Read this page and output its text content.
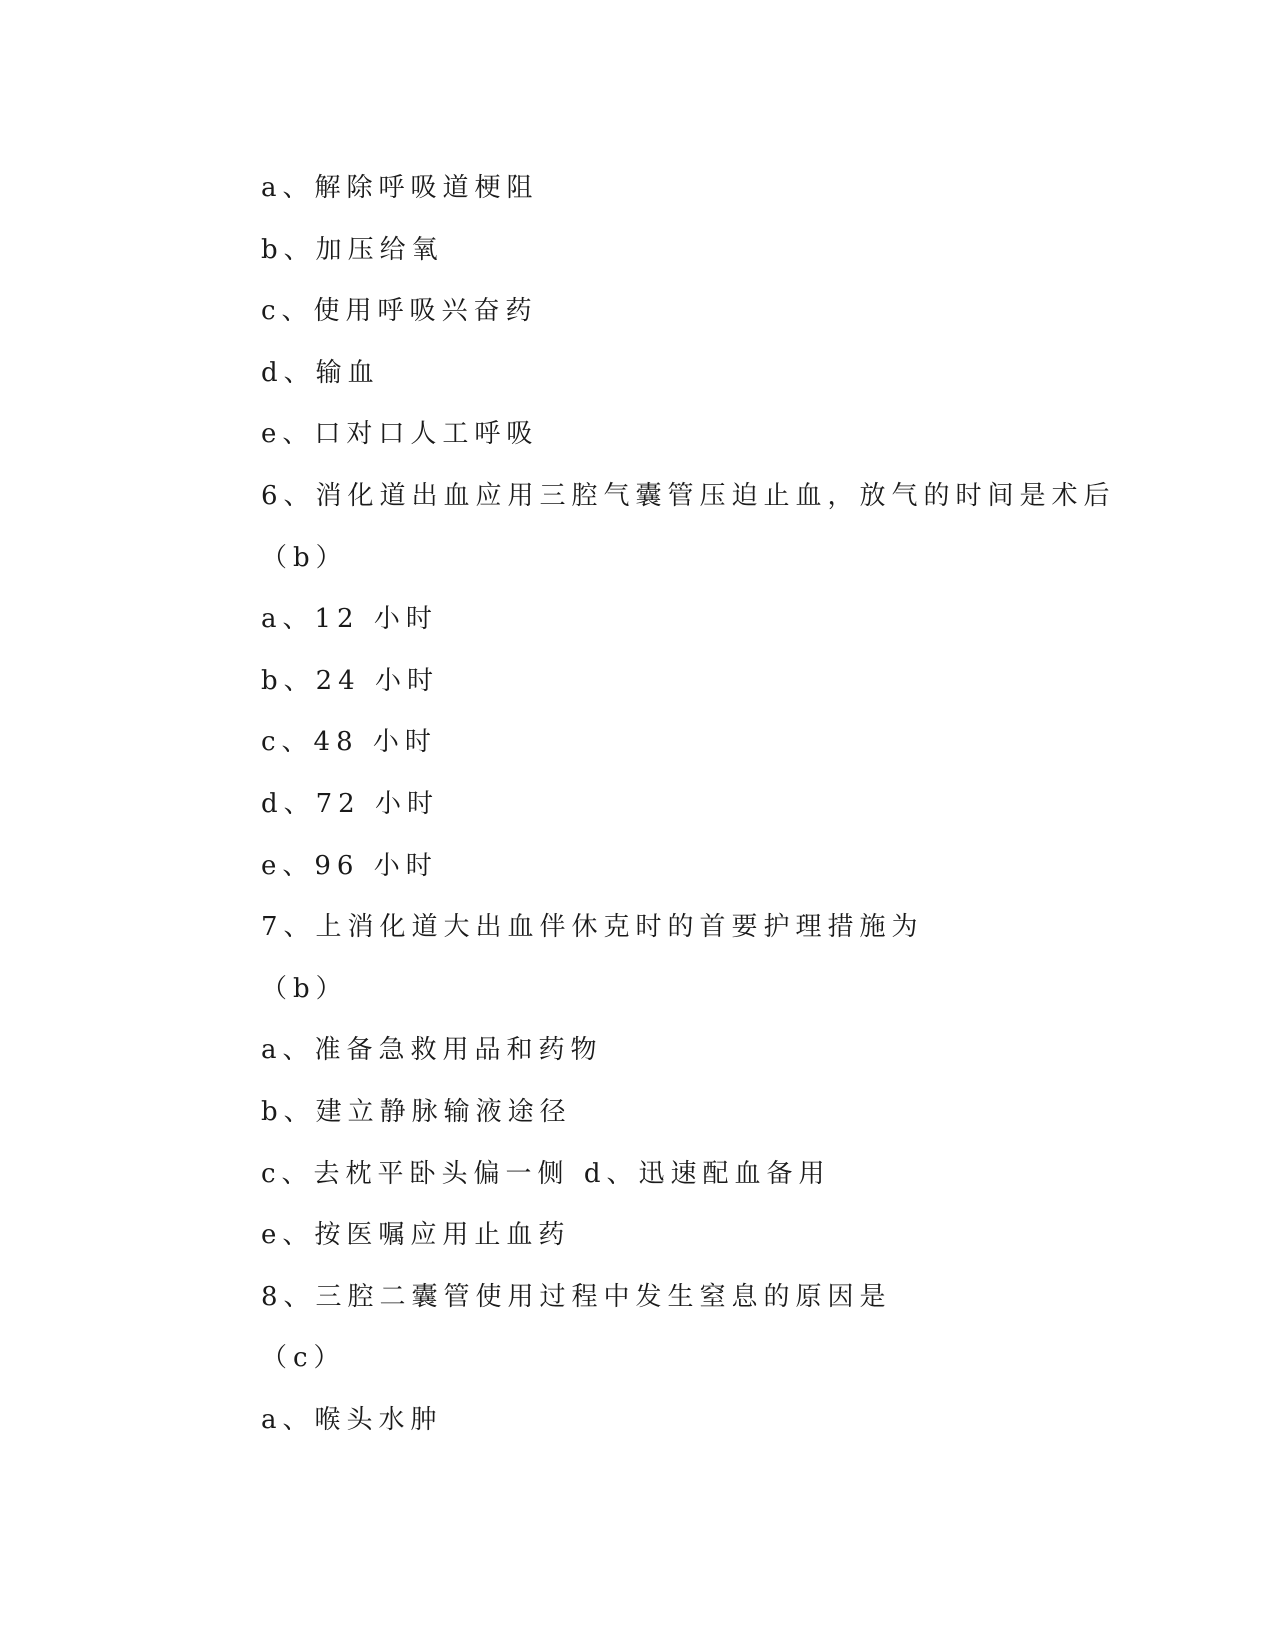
a、解除呼吸道梗阻
b、加压给氧
c、使用呼吸兴奋药
d、输血
e、口对口人工呼吸
6、消化道出血应用三腔气囊管压迫止血，放气的时间是术后
（b）
a、12 小时
b、24 小时
c、48 小时
d、72 小时
e、96 小时
7、上消化道大出血伴休克时的首要护理措施为
（b）
a、准备急救用品和药物
b、建立静脉输液途径
c、去枕平卧头偏一侧 d、迅速配血备用
e、按医嘱应用止血药
8、三腔二囊管使用过程中发生窒息的原因是
（c）
a、喉头水肿
